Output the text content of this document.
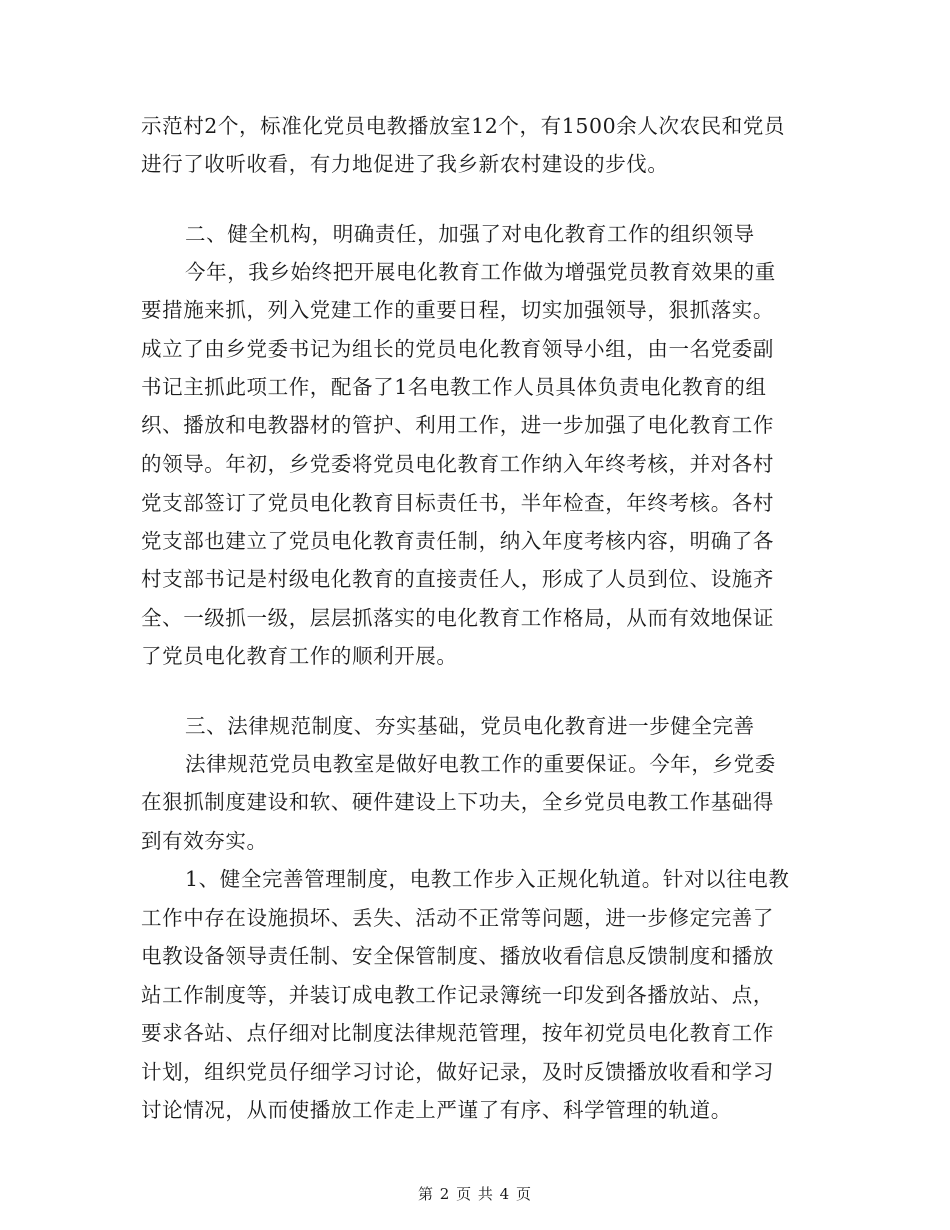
示范村2个，标准化党员电教播放室12个，有1500余人次农民和党员
进行了收听收看，有力地促进了我乡新农村建设的步伐。
二、健全机构，明确责任，加强了对电化教育工作的组织领导
今年，我乡始终把开展电化教育工作做为增强党员教育效果的重
要措施来抓，列入党建工作的重要日程，切实加强领导，狠抓落实。
成立了由乡党委书记为组长的党员电化教育领导小组，由一名党委副
书记主抓此项工作，配备了1名电教工作人员具体负责电化教育的组
织、播放和电教器材的管护、利用工作，进一步加强了电化教育工作
的领导。年初，乡党委将党员电化教育工作纳入年终考核，并对各村
党支部签订了党员电化教育目标责任书，半年检查，年终考核。各村
党支部也建立了党员电化教育责任制，纳入年度考核内容，明确了各
村支部书记是村级电化教育的直接责任人，形成了人员到位、设施齐
全、一级抓一级，层层抓落实的电化教育工作格局，从而有效地保证
了党员电化教育工作的顺利开展。
三、法律规范制度、夯实基础，党员电化教育进一步健全完善
法律规范党员电教室是做好电教工作的重要保证。今年，乡党委
在狠抓制度建设和软、硬件建设上下功夫，全乡党员电教工作基础得
到有效夯实。
1、健全完善管理制度，电教工作步入正规化轨道。针对以往电教
工作中存在设施损坏、丢失、活动不正常等问题，进一步修定完善了
电教设备领导责任制、安全保管制度、播放收看信息反馈制度和播放
站工作制度等，并装订成电教工作记录簿统一印发到各播放站、点，
要求各站、点仔细对比制度法律规范管理，按年初党员电化教育工作
计划，组织党员仔细学习讨论，做好记录，及时反馈播放收看和学习
讨论情况，从而使播放工作走上严谨了有序、科学管理的轨道。
第 2 页 共 4 页
